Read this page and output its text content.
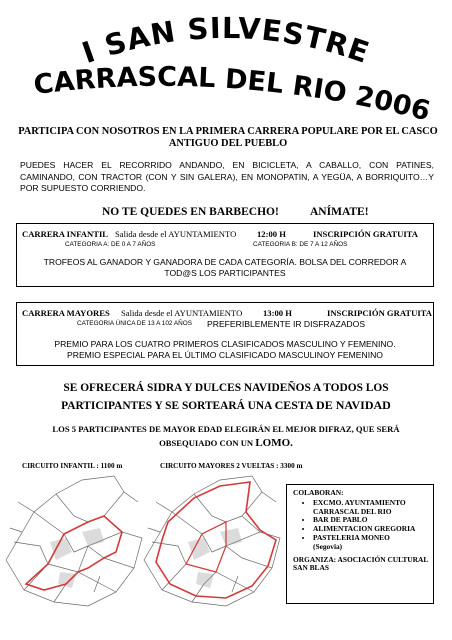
I SAN SILVESTRE
CARRASCAL DEL RIO 2006
PARTICIPA CON NOSOTROS EN LA PRIMERA CARRERA POPULARE POR EL CASCO ANTIGUO DEL PUEBLO
PUEDES HACER EL RECORRIDO ANDANDO, EN BICICLETA, A CABALLO, CON PATINES, CAMINANDO, CON TRACTOR (CON Y SIN GALERA), EN MONOPATIN, A YEGÜA, A BORRIQUITO…Y POR SUPUESTO CORRIENDO.
NO TE QUEDES EN BARBECHO!	ANÍMATE!
CARRERA INFANTIL Salida desde el AYUNTAMIENTO 12:00 H	INSCRIPCIÓN GRATUITA
CATEGORIA A: DE 0 A 7 AÑOS	CATEGORIA B: DE 7 A 12 AÑOS
TROFEOS AL GANADOR Y GANADORA DE CADA CATEGORÍA. BOLSA DEL CORREDOR A
TOD@S LOS PARTICIPANTES
CARRERA MAYORES Salida desde el AYUNTAMIENTO 13:00 H	INSCRIPCIÓN GRATUITA
CATEGORIA ÚNICA DE 13 A 102 AÑOS PREFERIBLEMENTE IR DISFRAZADOS
PREMIO PARA LOS CUATRO PRIMEROS CLASIFICADOS MASCULINO Y FEMENINO.
PREMIO ESPECIAL PARA EL ÚLTIMO CLASIFICADO MASCULINOY FEMENINO
SE OFRECERÁ SIDRA Y DULCES NAVIDEÑOS A TODOS LOS
PARTICIPANTES Y SE SORTEARÁ UNA CESTA DE NAVIDAD
LOS 5 PARTICIPANTES DE MAYOR EDAD ELEGIRÁN EL MEJOR DIFRAZ, QUE SERÁ
OBSEQUIADO CON UN LOMO.
CIRCUITO INFANTIL : 1100 m	CIRCUITO MAYORES 2 VUELTAS : 3300 m
COLABORAN:
• EXCMO. AYUNTAMIENTO CARRASCAL DEL RIO
• BAR DE PABLO
• ALIMENTACION GREGORIA
• PASTELERIA MONEO
(Segovia)
ORGANIZA: ASOCIACIÓN CULTURAL SAN BLAS
